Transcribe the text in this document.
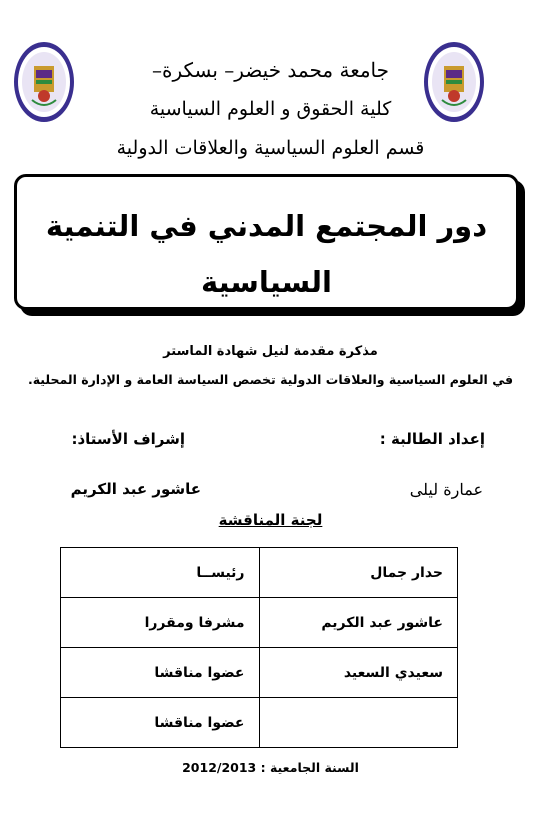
جامعة محمد خيضر– بسكرة–
كلية الحقوق و العلوم السياسية
قسم العلوم السياسية والعلاقات الدولية
دور المجتمع المدني في التنمية
السياسية
مذكرة مقدمة لنيل شهادة الماستر
في العلوم السياسية والعلاقات الدولية تخصص السياسة العامة و الإدارة المحلية.
إعداد الطالبة :
إشراف الأستاذ:
عمارة ليلى
عاشور عبد الكريم
لجنة المناقشة
حدار جمال	رئيســا
عاشور عبد الكريم	مشرفا ومقررا
سعيدي السعيد	عضوا مناقشا
	عضوا مناقشا
السنة الجامعية : 2012/2013
